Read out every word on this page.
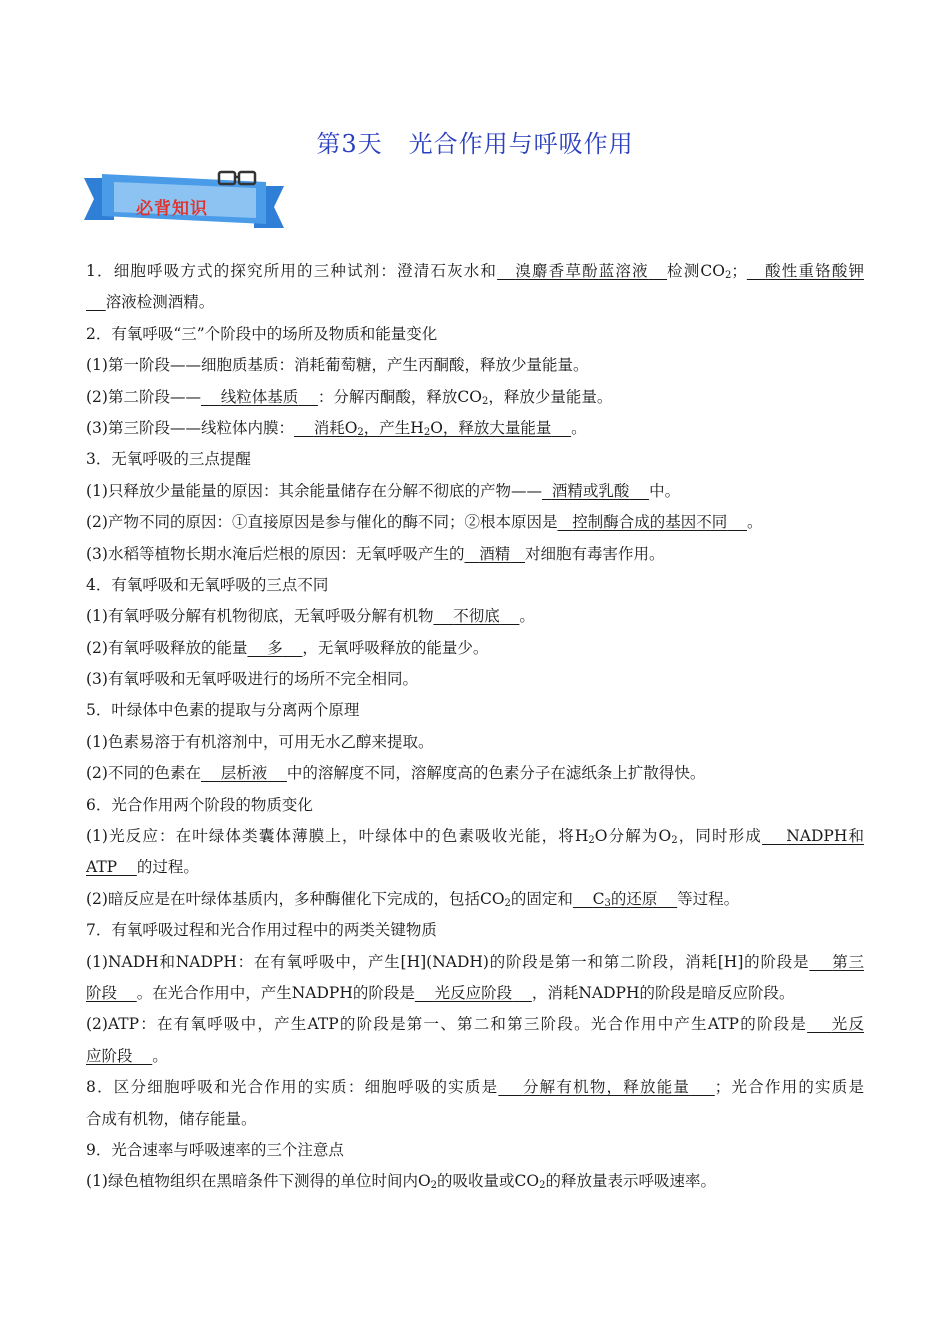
第3天 光合作用与呼吸作用
必背知识
1．细胞呼吸方式的探究所用的三种试剂：澄清石灰水和 溴麝香草酚蓝溶液 检测$CO_2$； 酸性重铬酸钾
溶液检测酒精。
2．有氧呼吸“三”个阶段中的场所及物质和能量变化
(1)第一阶段——细胞质基质：消耗葡萄糖，产生丙酮酸，释放少量能量。
(2)第二阶段—— 线粒体基质 ：分解丙酮酸，释放$CO_2$，释放少量能量。
(3)第三阶段——线粒体内膜： 消耗$O_2$，产生$H_2O$，释放大量能量 。
3．无氧呼吸的三点提醒
(1)只释放少量能量的原因：其余能量储存在分解不彻底的产物—— 酒精或乳酸 中。
(2)产物不同的原因：①直接原因是参与催化的酶不同；②根本原因是 控制酶合成的基因不同 。
(3)水稻等植物长期水淹后烂根的原因：无氧呼吸产生的 酒精 对细胞有毒害作用。
4．有氧呼吸和无氧呼吸的三点不同
(1)有氧呼吸分解有机物彻底，无氧呼吸分解有机物 不彻底 。
(2)有氧呼吸释放的能量 多 ，无氧呼吸释放的能量少。
(3)有氧呼吸和无氧呼吸进行的场所不完全相同。
5．叶绿体中色素的提取与分离两个原理
(1)色素易溶于有机溶剂中，可用无水乙醇来提取。
(2)不同的色素在 层析液 中的溶解度不同，溶解度高的色素分子在滤纸条上扩散得快。
6．光合作用两个阶段的物质变化
(1)光反应：在叶绿体类囊体薄膜上，叶绿体中的色素吸收光能，将$H_2O$分解为$O_2$，同时形成 NADPH和
ATP 的过程。
(2)暗反应是在叶绿体基质内，多种酶催化下完成的，包括$CO_2$的固定和 $C_3$的还原 等过程。
7．有氧呼吸过程和光合作用过程中的两类关键物质
(1)NADH和NADPH：在有氧呼吸中，产生[H](NADH)的阶段是第一和第二阶段，消耗[H]的阶段是 第三
阶段 。在光合作用中，产生NADPH的阶段是 光反应阶段 ，消耗NADPH的阶段是暗反应阶段。
(2)ATP：在有氧呼吸中，产生ATP的阶段是第一、第二和第三阶段。光合作用中产生ATP的阶段是 光反
应阶段 。
8．区分细胞呼吸和光合作用的实质：细胞呼吸的实质是 分解有机物，释放能量 ；光合作用的实质是
合成有机物，储存能量。
9．光合速率与呼吸速率的三个注意点
(1)绿色植物组织在黑暗条件下测得的单位时间内$O_2$的吸收量或$CO_2$的释放量表示呼吸速率。
